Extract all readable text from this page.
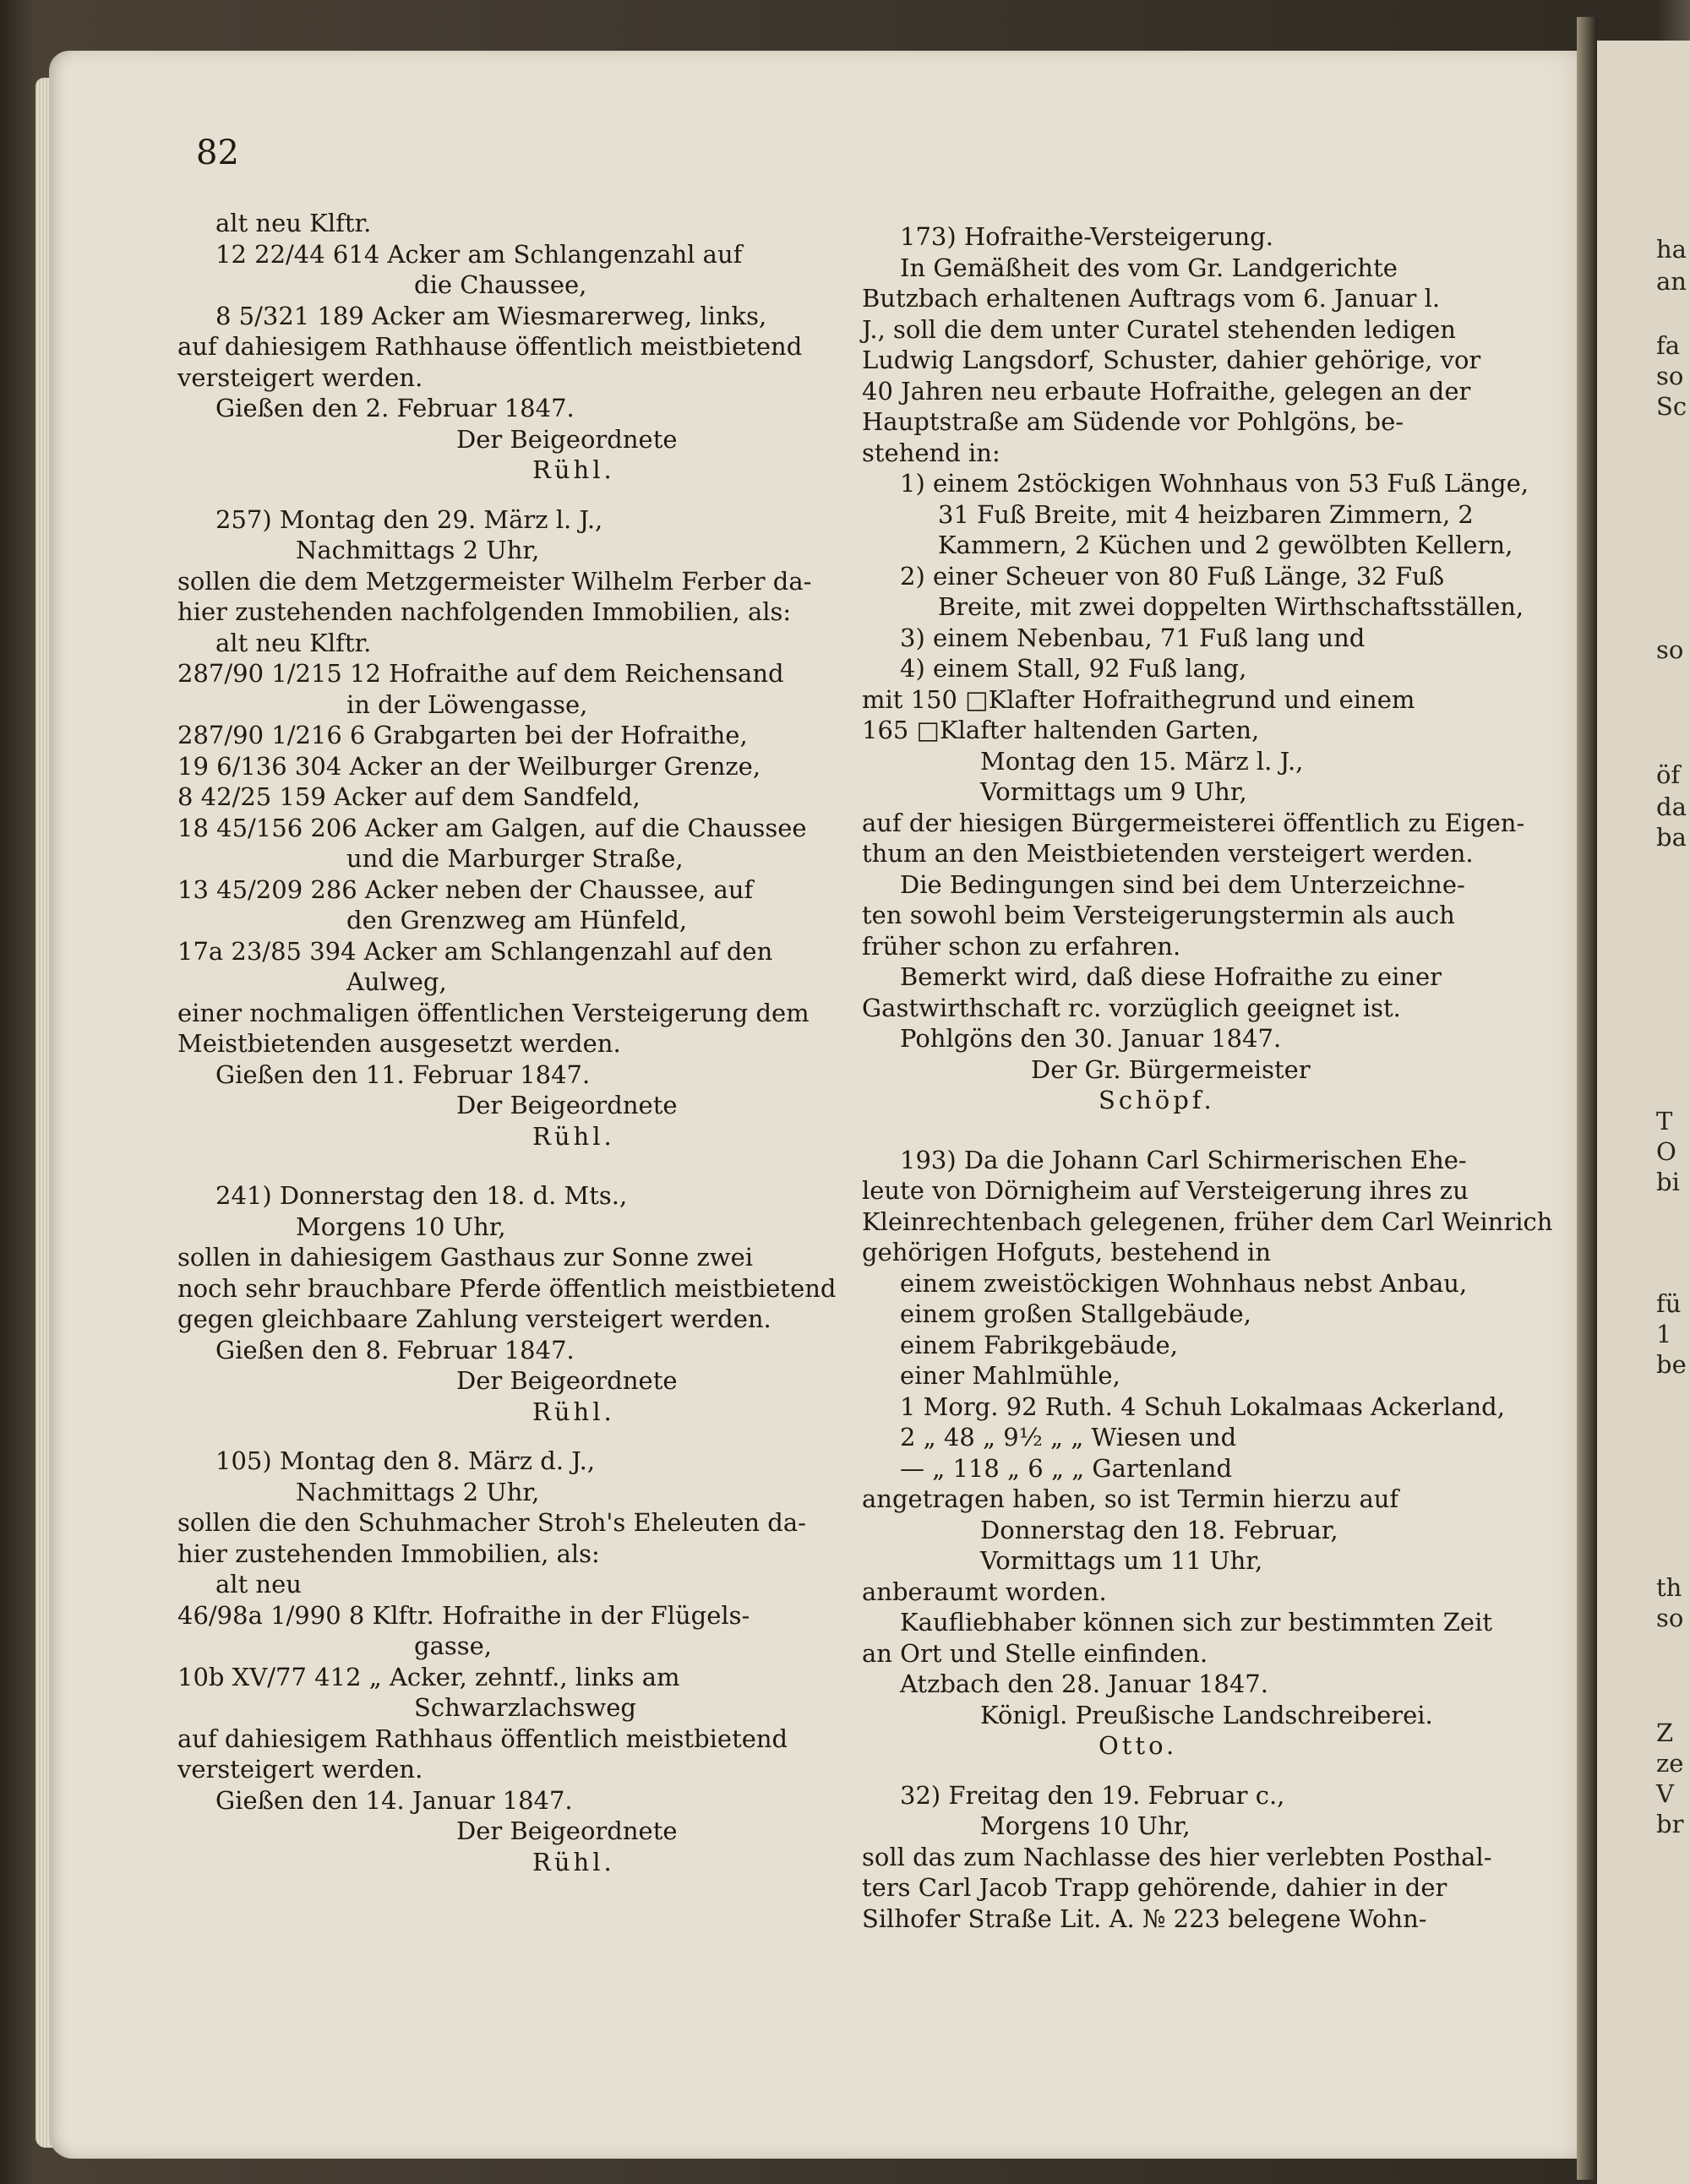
82

alt neu Klftr.

12 22/44 614 Acker am Schlangenzahl auf

die Chaussee,

8 5/321 189 Acker am Wiesmarerweg, links,

auf dahiesigem Rathhause öffentlich meistbietend

versteigert werden.

Gießen den 2. Februar 1847.

Der Beigeordnete

Rühl.

257) Montag den 29. März l. J.,

Nachmittags 2 Uhr,

sollen die dem Metzgermeister Wilhelm Ferber da-

hier zustehenden nachfolgenden Immobilien, als:

alt neu Klftr.

287/90 1/215 12 Hofraithe auf dem Reichensand

in der Löwengasse,

287/90 1/216 6 Grabgarten bei der Hofraithe,

19 6/136 304 Acker an der Weilburger Grenze,

8 42/25 159 Acker auf dem Sandfeld,

18 45/156 206 Acker am Galgen, auf die Chaussee

und die Marburger Straße,

13 45/209 286 Acker neben der Chaussee, auf

den Grenzweg am Hünfeld,

17a 23/85 394 Acker am Schlangenzahl auf den

Aulweg,

einer nochmaligen öffentlichen Versteigerung dem

Meistbietenden ausgesetzt werden.

Gießen den 11. Februar 1847.

Der Beigeordnete

Rühl.

241) Donnerstag den 18. d. Mts.,

Morgens 10 Uhr,

sollen in dahiesigem Gasthaus zur Sonne zwei

noch sehr brauchbare Pferde öffentlich meistbietend

gegen gleichbaare Zahlung versteigert werden.

Gießen den 8. Februar 1847.

Der Beigeordnete

Rühl.

105) Montag den 8. März d. J.,

Nachmittags 2 Uhr,

sollen die den Schuhmacher Stroh's Eheleuten da-

hier zustehenden Immobilien, als:

alt neu

46/98a 1/990 8 Klftr. Hofraithe in der Flügels-

gasse,

10b XV/77 412 „ Acker, zehntf., links am

Schwarzlachsweg

auf dahiesigem Rathhaus öffentlich meistbietend

versteigert werden.

Gießen den 14. Januar 1847.

Der Beigeordnete

Rühl.

173) Hofraithe-Versteigerung.

In Gemäßheit des vom Gr. Landgerichte

Butzbach erhaltenen Auftrags vom 6. Januar l.

J., soll die dem unter Curatel stehenden ledigen

Ludwig Langsdorf, Schuster, dahier gehörige, vor

40 Jahren neu erbaute Hofraithe, gelegen an der

Hauptstraße am Südende vor Pohlgöns, be-

stehend in:

1) einem 2stöckigen Wohnhaus von 53 Fuß Länge,

31 Fuß Breite, mit 4 heizbaren Zimmern, 2

Kammern, 2 Küchen und 2 gewölbten Kellern,

2) einer Scheuer von 80 Fuß Länge, 32 Fuß

Breite, mit zwei doppelten Wirthschaftsställen,

3) einem Nebenbau, 71 Fuß lang und

4) einem Stall, 92 Fuß lang,

mit 150 □Klafter Hofraithegrund und einem

165 □Klafter haltenden Garten,

Montag den 15. März l. J.,

Vormittags um 9 Uhr,

auf der hiesigen Bürgermeisterei öffentlich zu Eigen-

thum an den Meistbietenden versteigert werden.

Die Bedingungen sind bei dem Unterzeichne-

ten sowohl beim Versteigerungstermin als auch

früher schon zu erfahren.

Bemerkt wird, daß diese Hofraithe zu einer

Gastwirthschaft rc. vorzüglich geeignet ist.

Pohlgöns den 30. Januar 1847.

Der Gr. Bürgermeister

Schöpf.

193) Da die Johann Carl Schirmerischen Ehe-

leute von Dörnigheim auf Versteigerung ihres zu

Kleinrechtenbach gelegenen, früher dem Carl Weinrich

gehörigen Hofguts, bestehend in

einem zweistöckigen Wohnhaus nebst Anbau,

einem großen Stallgebäude,

einem Fabrikgebäude,

einer Mahlmühle,

1 Morg. 92 Ruth. 4 Schuh Lokalmaas Ackerland,

2 „ 48 „ 9½ „ „ Wiesen und

— „ 118 „ 6 „ „ Gartenland

angetragen haben, so ist Termin hierzu auf

Donnerstag den 18. Februar,

Vormittags um 11 Uhr,

anberaumt worden.

Kaufliebhaber können sich zur bestimmten Zeit

an Ort und Stelle einfinden.

Atzbach den 28. Januar 1847.

Königl. Preußische Landschreiberei.

Otto.

32) Freitag den 19. Februar c.,

Morgens 10 Uhr,

soll das zum Nachlasse des hier verlebten Posthal-

ters Carl Jacob Trapp gehörende, dahier in der

Silhofer Straße Lit. A. № 223 belegene Wohn-

ha
an
fa
so
Sc
so
öf
da
ba
T
O
bi
fü
1
be
th
so
Z
ze
V
br
